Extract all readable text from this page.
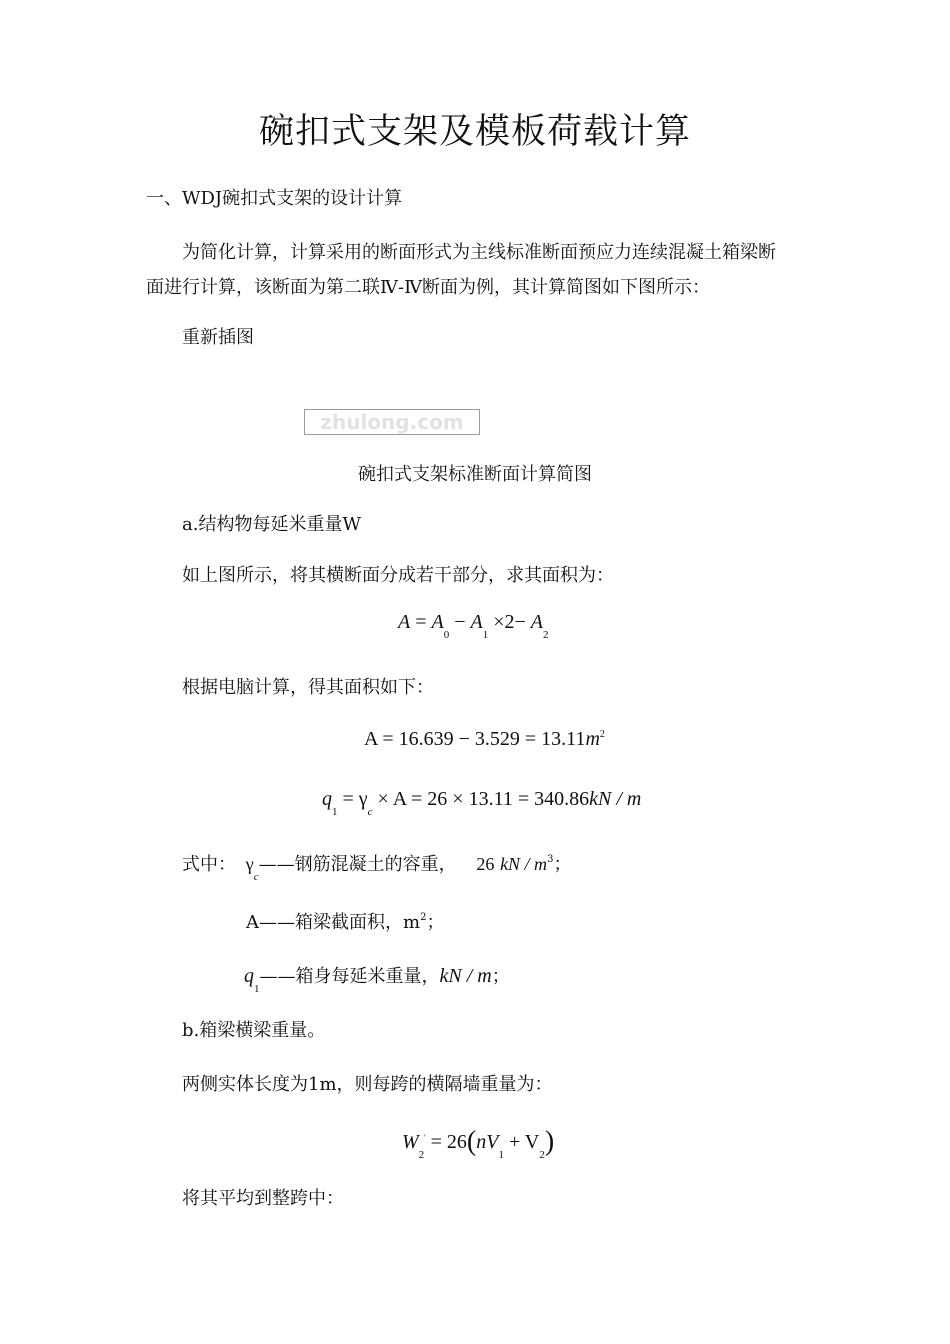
碗扣式支架及模板荷载计算
一、WDJ碗扣式支架的设计计算
为简化计算，计算采用的断面形式为主线标准断面预应力连续混凝土箱梁断
面进行计算，该断面为第二联Ⅳ-Ⅳ断面为例，其计算简图如下图所示：
重新插图
zhulong.com
碗扣式支架标准断面计算简图
a.结构物每延米重量W
如上图所示，将其横断面分成若干部分，求其面积为：
$A = A_0 - A_1 \times 2- A_2$
根据电脑计算，得其面积如下：
$A = 16.639 - 3.529 = 13.11m^2$
$q_1 = \gamma_c \times A = 26 \times 13.11 = 340.86kN / m$
式中： $\gamma_c——$钢筋混凝土的容重， 26 kN / $m^3$；
A——箱梁截面积，$m^2$；
$q_1——$箱身每延米重量，kN / m；
b.箱梁横梁重量。
两侧实体长度为1m，则每跨的横隔墙重量为：
$W_2' = 26(nV_1 + V_2)$
将其平均到整跨中：
